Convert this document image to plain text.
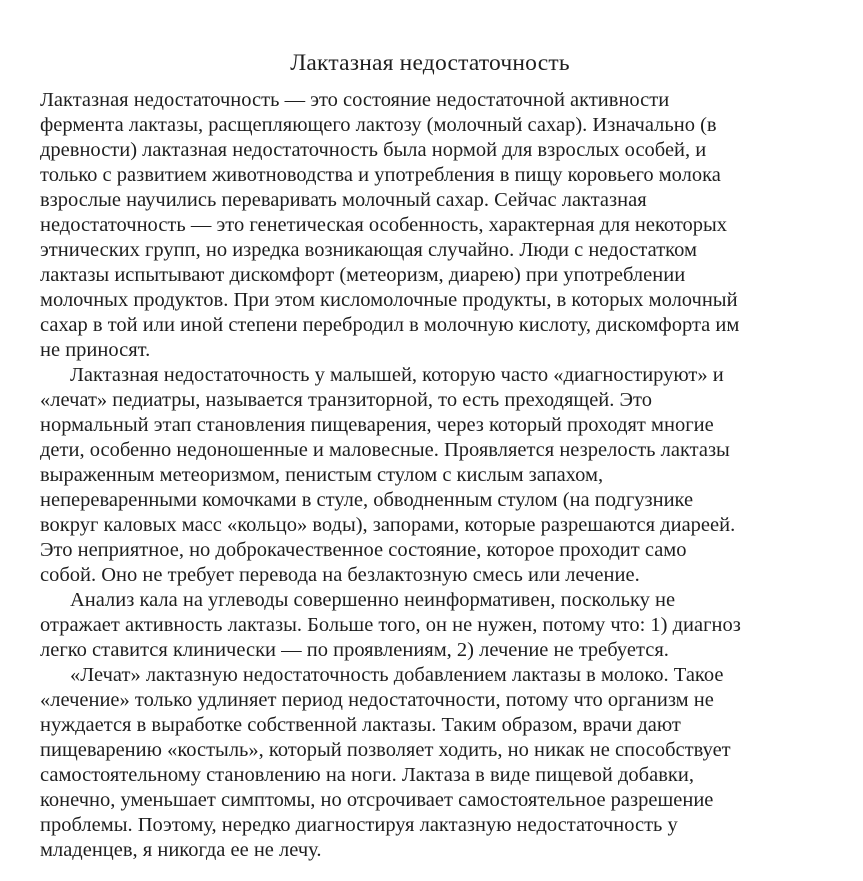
Лактазная недостаточность

Лактазная недостаточность — это состояние недостаточной активности
фермента лактазы, расщепляющего лактозу (молочный сахар). Изначально (в
древности) лактазная недостаточность была нормой для взрослых особей, и
только с развитием животноводства и употребления в пищу коровьего молока
взрослые научились переваривать молочный сахар. Сейчас лактазная
недостаточность — это генетическая особенность, характерная для некоторых
этнических групп, но изредка возникающая случайно. Люди с недостатком
лактазы испытывают дискомфорт (метеоризм, диарею) при употреблении
молочных продуктов. При этом кисломолочные продукты, в которых молочный
сахар в той или иной степени перебродил в молочную кислоту, дискомфорта им
не приносят.

Лактазная недостаточность у малышей, которую часто «диагностируют» и
«лечат» педиатры, называется транзиторной, то есть преходящей. Это
нормальный этап становления пищеварения, через который проходят многие
дети, особенно недоношенные и маловесные. Проявляется незрелость лактазы
выраженным метеоризмом, пенистым стулом с кислым запахом,
непереваренными комочками в стуле, обводненным стулом (на подгузнике
вокруг каловых масс «кольцо» воды), запорами, которые разрешаются диареей.
Это неприятное, но доброкачественное состояние, которое проходит само
собой. Оно не требует перевода на безлактозную смесь или лечение.

Анализ кала на углеводы совершенно неинформативен, поскольку не
отражает активность лактазы. Больше того, он не нужен, потому что: 1) диагноз
легко ставится клинически — по проявлениям, 2) лечение не требуется.

«Лечат» лактазную недостаточность добавлением лактазы в молоко. Такое
«лечение» только удлиняет период недостаточности, потому что организм не
нуждается в выработке собственной лактазы. Таким образом, врачи дают
пищеварению «костыль», который позволяет ходить, но никак не способствует
самостоятельному становлению на ноги. Лактаза в виде пищевой добавки,
конечно, уменьшает симптомы, но отсрочивает самостоятельное разрешение
проблемы. Поэтому, нередко диагностируя лактазную недостаточность у
младенцев, я никогда ее не лечу.
